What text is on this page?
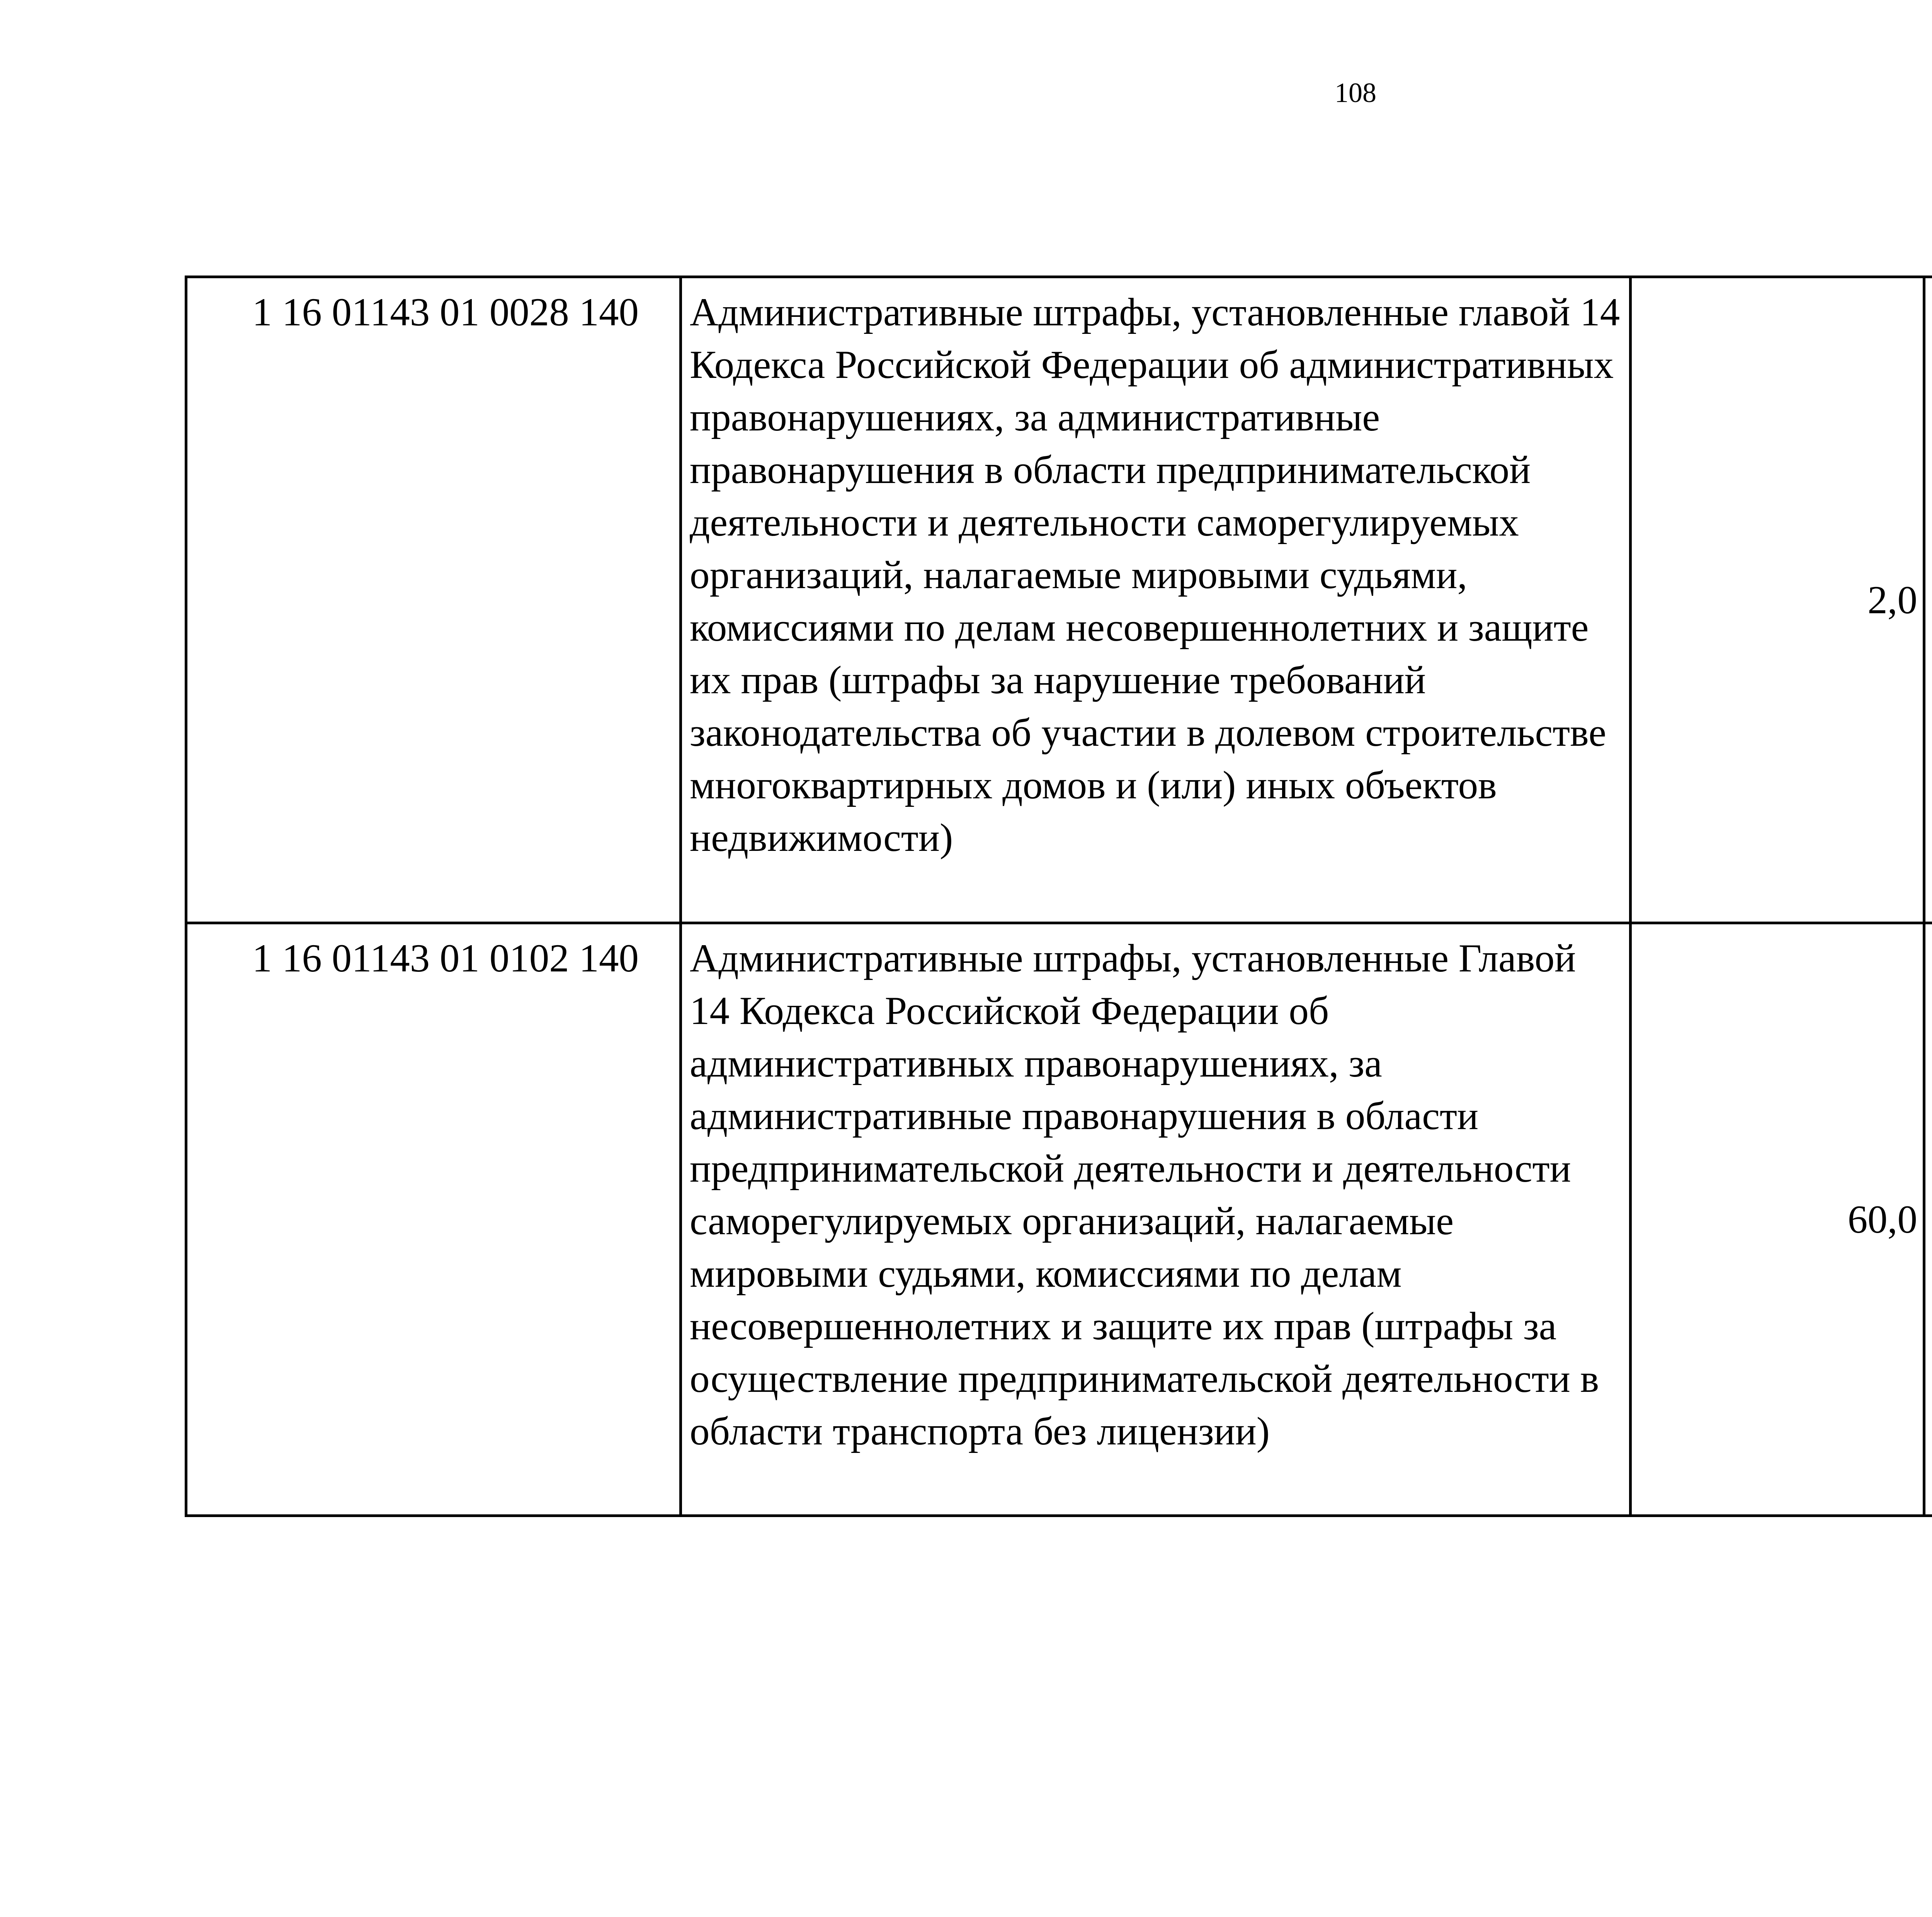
108
1 16 01143 01 0028 140	Административные штрафы, установленные главой 14 Кодекса Российской Федерации об административных правонарушениях, за административные правонарушения в области предпринимательской деятельности и деятельности саморегулируемых организаций, налагаемые мировыми судьями, комиссиями по делам несовершеннолетних и защите их прав (штрафы за нарушение требований законодательства об участии в долевом строительстве многоквартирных домов и (или) иных объектов недвижимости)	2,0		
1 16 01143 01 0102 140	Административные штрафы, установленные Главой 14 Кодекса Российской Федерации об административных правонарушениях, за административные правонарушения в области предпринимательской деятельности и деятельности саморегулируемых организаций, налагаемые мировыми судьями, комиссиями по делам несовершеннолетних и защите их прав (штрафы за осуществление предпринимательской деятельности в области транспорта без лицензии)	60,0		
